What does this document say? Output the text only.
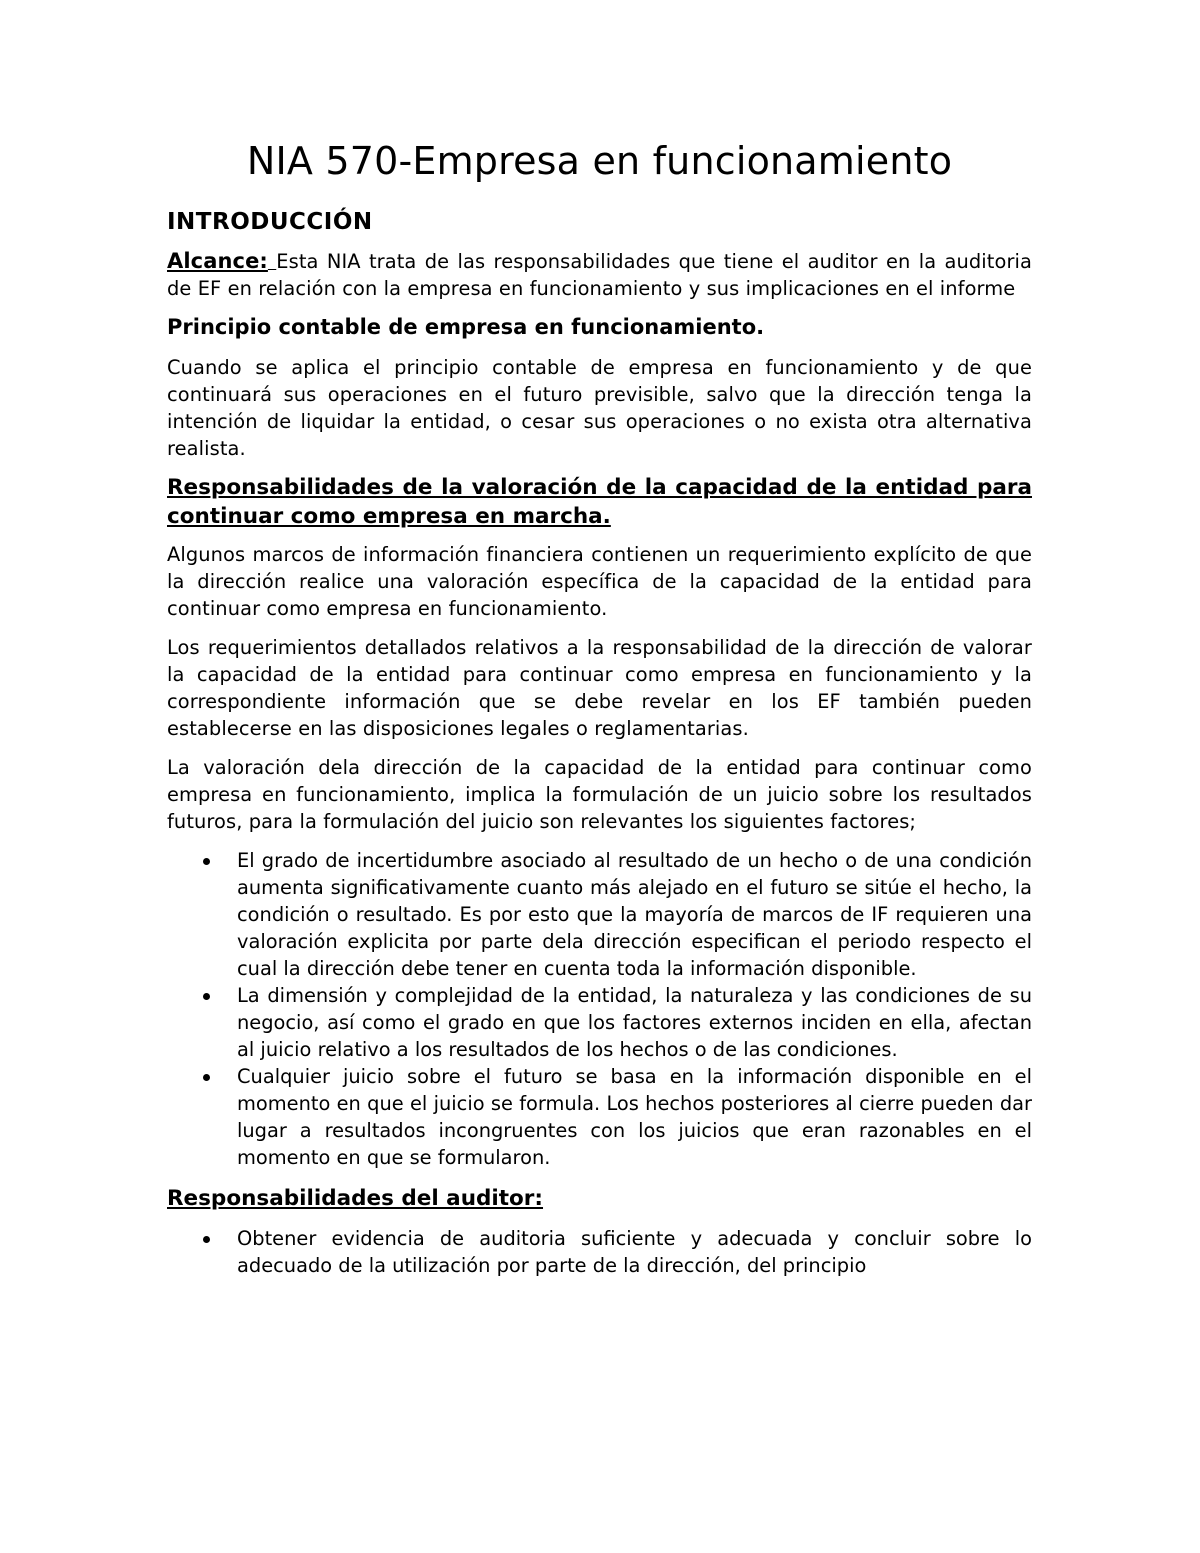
NIA 570-Empresa en funcionamiento
INTRODUCCIÓN

Alcance: Esta NIA trata de las responsabilidades que tiene el auditor en la auditoria de EF en relación con la empresa en funcionamiento y sus implicaciones en el informe

Principio contable de empresa en funcionamiento.

Cuando se aplica el principio contable de empresa en funcionamiento y de que continuará sus operaciones en el futuro previsible, salvo que la dirección tenga la intención de liquidar la entidad, o cesar sus operaciones o no exista otra alternativa realista.

Responsabilidades de la valoración de la capacidad de la entidad para continuar como empresa en marcha.

Algunos marcos de información financiera contienen un requerimiento explícito de que la dirección realice una valoración específica de la capacidad de la entidad para continuar como empresa en funcionamiento.

Los requerimientos detallados relativos a la responsabilidad de la dirección de valorar la capacidad de la entidad para continuar como empresa en funcionamiento y la correspondiente información que se debe revelar en los EF también pueden establecerse en las disposiciones legales o reglamentarias.

La valoración dela dirección de la capacidad de la entidad para continuar como empresa en funcionamiento, implica la formulación de un juicio sobre los resultados futuros, para la formulación del juicio son relevantes los siguientes factores;

El grado de incertidumbre asociado al resultado de un hecho o de una condición aumenta significativamente cuanto más alejado en el futuro se sitúe el hecho, la condición o resultado. Es por esto que la mayoría de marcos de IF requieren una valoración explicita por parte dela dirección especifican el periodo respecto el cual la dirección debe tener en cuenta toda la información disponible.
La dimensión y complejidad de la entidad, la naturaleza y las condiciones de su negocio, así como el grado en que los factores externos inciden en ella, afectan al juicio relativo a los resultados de los hechos o de las condiciones.
Cualquier juicio sobre el futuro se basa en la información disponible en el momento en que el juicio se formula. Los hechos posteriores al cierre pueden dar lugar a resultados incongruentes con los juicios que eran razonables en el momento en que se formularon.
Responsabilidades del auditor:
Obtener evidencia de auditoria suficiente y adecuada y concluir sobre lo adecuado de la utilización por parte de la dirección, del principio
